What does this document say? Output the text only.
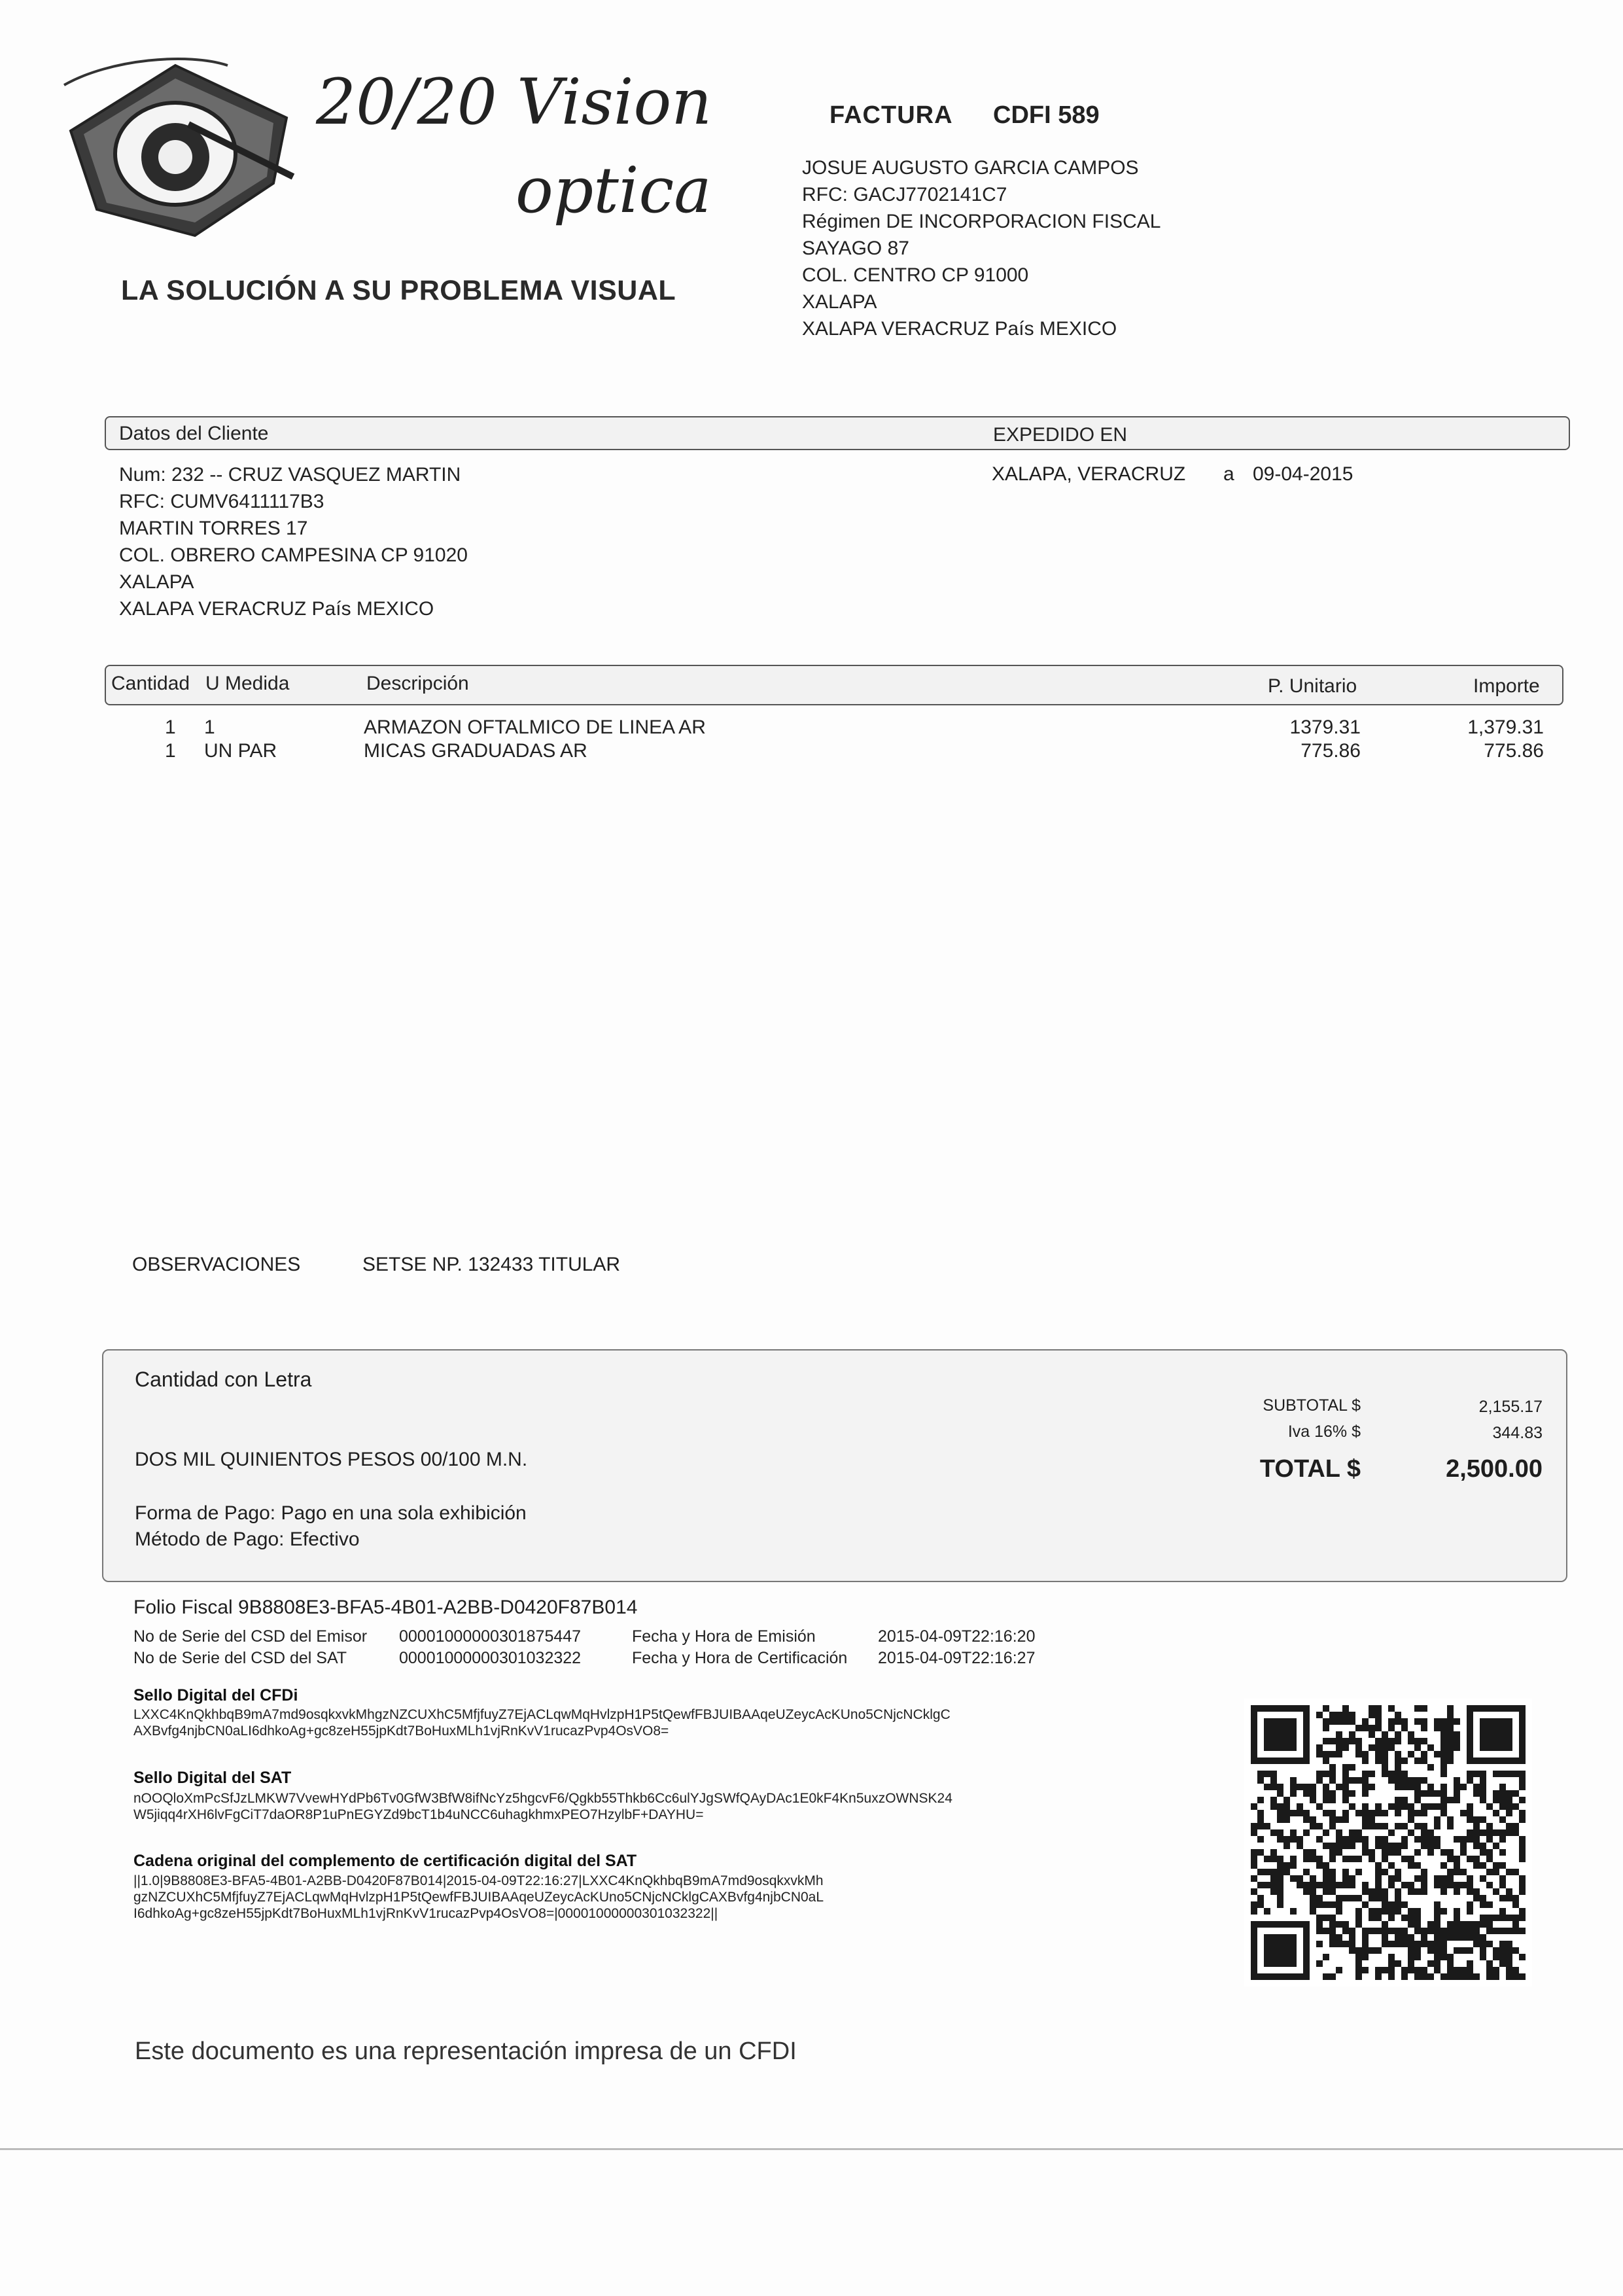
20/20 Vision
optica
LA SOLUCIÓN A SU PROBLEMA VISUAL
FACTURA CDFI 589
JOSUE AUGUSTO GARCIA CAMPOS
RFC: GACJ7702141C7
Régimen DE INCORPORACION FISCAL
SAYAGO 87
COL. CENTRO CP 91000
XALAPA
XALAPA VERACRUZ País MEXICO
Datos del Cliente	EXPEDIDO EN
XALAPA, VERACRUZ a 09-04-2015
Num: 232 -- CRUZ VASQUEZ MARTIN
RFC: CUMV6411117B3
MARTIN TORRES 17
COL. OBRERO CAMPESINA CP 91020
XALAPA
XALAPA VERACRUZ País MEXICO
Cantidad U Medida	Descripción	P. Unitario	Importe
1 1	ARMAZON OFTALMICO DE LINEA AR	1379.31	1,379.31
1 UN PAR	MICAS GRADUADAS AR	775.86	775.86
OBSERVACIONES	SETSE NP. 132433 TITULAR
Cantidad con Letra
DOS MIL QUINIENTOS PESOS 00/100 M.N.
Forma de Pago: Pago en una sola exhibición
Método de Pago: Efectivo
SUBTOTAL $	2,155.17
Iva 16% $	344.83
TOTAL $	2,500.00
Folio Fiscal 9B8808E3-BFA5-4B01-A2BB-D0420F87B014
No de Serie del CSD del Emisor 00001000000301875447	Fecha y Hora de Emisión	2015-04-09T22:16:20
No de Serie del CSD del SAT	00001000000301032322	Fecha y Hora de Certificación 2015-04-09T22:16:27
Sello Digital del CFDi
LXXC4KnQkhbqB9mA7md9osqkxvkMhgzNZCUXhC5MfjfuyZ7EjACLqwMqHvlzpH1P5tQewfFBJUIBAAqeUZeycAcKUno5CNjcNCklgCAXBvfg4njbCN0aLI6dhkoAg+gc8zeH55jpKdt7BoHuxMLh1vjRnKvV1rucazPvp4OsVO8=
Sello Digital del SAT
nOOQloXmPcSfJzLMKW7VvewHYdPb6Tv0GfW3BfW8ifNcYz5hgcvF6/Qgkb55Thkb6Cc6ulYJgSWfQAyDAc1E0kF4Kn5uxzOWNSK24W5jiqq4rXH6lvFgCiT7daOR8P1uPnEGYZd9bcT1b4uNCC6uhagkhmxPEO7HzylbF+DAYHU=
Cadena original del complemento de certificación digital del SAT
||1.0|9B8808E3-BFA5-4B01-A2BB-D0420F87B014|2015-04-09T22:16:27|LXXC4KnQkhbqB9mA7md9osqkxvkMhgzNZCUXhC5MfjfuyZ7EjACLqwMqHvlzpH1P5tQewfFBJUIBAAqeUZeycAcKUno5CNjcNCklgCAXBvfg4njbCN0aLI6dhkoAg+gc8zeH55jpKdt7BoHuxMLh1vjRnKvV1rucazPvp4OsVO8=|00001000000301032322||
Este documento es una representación impresa de un CFDI
